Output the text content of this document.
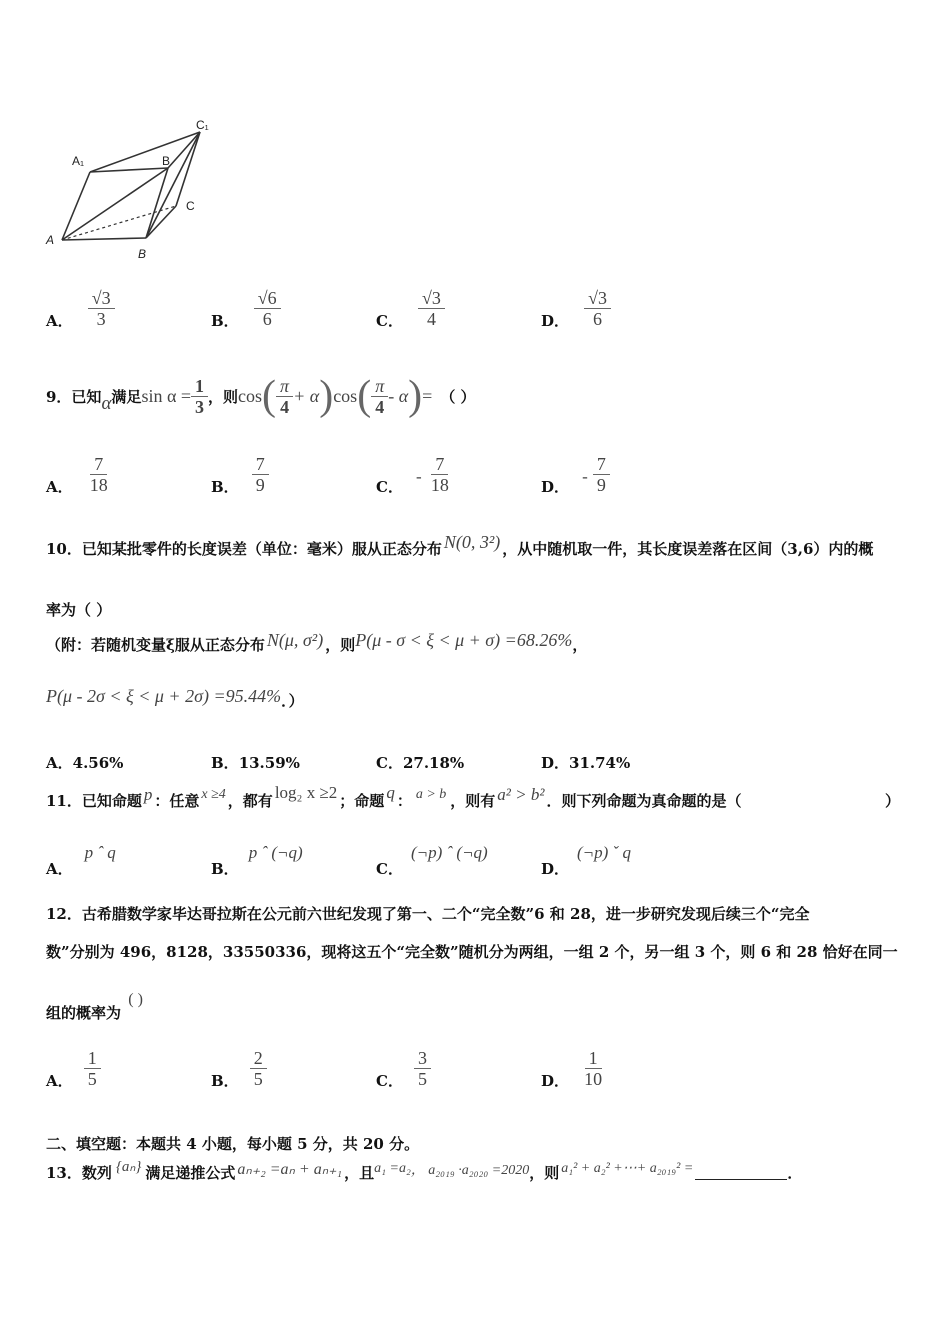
A₁	B
C₁
C
A
B
A． $\frac{√3}{3}$	B． $\frac{√6}{6}$	C． $\frac{√3}{4}$	D． $\frac{√3}{6}$
9．已知 α 满足 $\sin \alpha = \frac{1}{3}$ ，则 cos ( $\frac{\pi}{4} + \alpha$ ) cos ( $\frac{\pi}{4}$ - α ) = （ ）
A． $\frac{7}{18}$	B． $\frac{7}{9}$	C． - $\frac{7}{18}$	D． - $\frac{7}{9}$
10．已知某批零件的长度误差（单位：毫米）服从正态分布 N(0, 3²) ，从中随机取一件，其长度误差落在区间（3,6）内的概
率为（ ）
（附：若随机变量ξ服从正态分布 N(μ, σ²) ，则 P(μ - σ < ξ < μ + σ) =68.26% ，
P(μ - 2σ < ξ < μ + 2σ) =95.44% ．）
A．4.56%	B．13.59%	C．27.18%	D．31.74%
11．已知命题 p ：任意 x ≥4 ，都有 log₂ x ≥2 ；命题 q ： a > b ，则有 a² > b² ．则下列命题为真命题的是（	）
A．p ˆ q
B．p ˆ (¬q)
C．(¬p) ˆ (¬q)
D．(¬p) ˇ q
12．古希腊数学家毕达哥拉斯在公元前六世纪发现了第一、二个“完全数”6 和 28，进一步研究发现后续三个“完全
数”分别为 496，8128，33550336，现将这五个“完全数”随机分为两组，一组 2 个，另一组 3 个，则 6 和 28 恰好在同一
组的概率为 ( )
A． $\frac{1}{5}$	B． $\frac{2}{5}$	C． $\frac{3}{5}$	D． $\frac{1}{10}$
二、填空题：本题共 4 小题，每小题 5 分，共 20 分。
13．数列 {aₙ} 满足递推公式 aₙ₊₂ =aₙ + aₙ₊₁ ，且 a₁ =a₂ ， a₂₀₁₉ ·a₂₀₂₀ =2020 ，则 a₁² + a₂² +⋯+ a₂₀₁₉² =	．
